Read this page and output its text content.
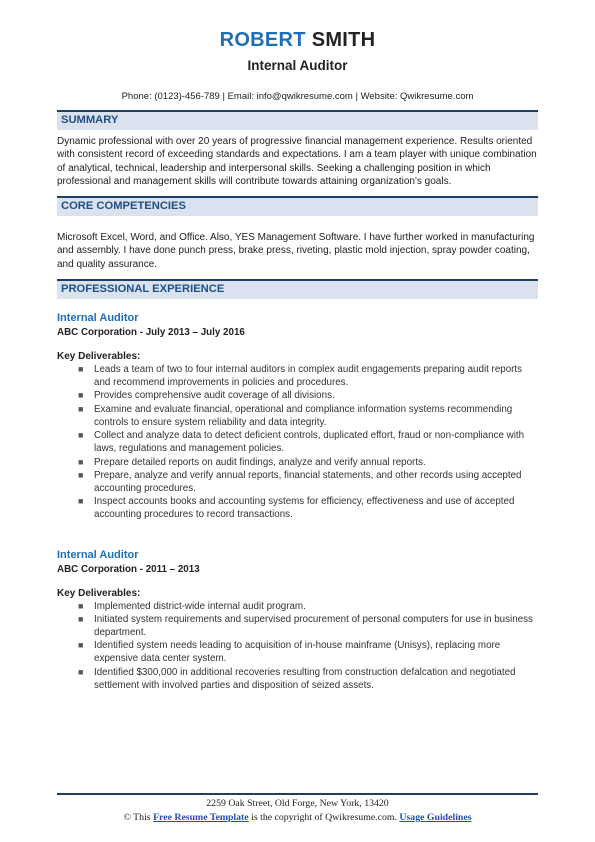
ROBERT SMITH
Internal Auditor
Phone: (0123)-456-789 | Email: info@qwikresume.com | Website: Qwikresume.com
SUMMARY
Dynamic professional with over 20 years of progressive financial management experience. Results oriented with consistent record of exceeding standards and expectations. I am a team player with unique combination of analytical, technical, leadership and interpersonal skills. Seeking a challenging position in which professional and management skills will contribute towards attaining organization's goals.
CORE COMPETENCIES
Microsoft Excel, Word, and Office. Also, YES Management Software. I have further worked in manufacturing and assembly. I have done punch press, brake press, riveting, plastic mold injection, spray powder coating, and quality assurance.
PROFESSIONAL EXPERIENCE
Internal Auditor
ABC Corporation - July 2013 – July 2016
Key Deliverables:
■ Leads a team of two to four internal auditors in complex audit engagements preparing audit reports and recommend improvements in policies and procedures.
■ Provides comprehensive audit coverage of all divisions.
■ Examine and evaluate financial, operational and compliance information systems recommending controls to ensure system reliability and data integrity.
■ Collect and analyze data to detect deficient controls, duplicated effort, fraud or non-compliance with laws, regulations and management policies.
■ Prepare detailed reports on audit findings, analyze and verify annual reports.
■ Prepare, analyze and verify annual reports, financial statements, and other records using accepted accounting procedures.
■ Inspect accounts books and accounting systems for efficiency, effectiveness and use of accepted accounting procedures to record transactions.
Internal Auditor
ABC Corporation - 2011 – 2013
Key Deliverables:
■ Implemented district-wide internal audit program.
■ Initiated system requirements and supervised procurement of personal computers for use in business department.
■ Identified system needs leading to acquisition of in-house mainframe (Unisys), replacing more expensive data center system.
■ Identified $300,000 in additional recoveries resulting from construction defalcation and negotiated settlement with involved parties and disposition of seized assets.
2259 Oak Street, Old Forge, New York, 13420
© This Free Resume Template is the copyright of Qwikresume.com. Usage Guidelines
